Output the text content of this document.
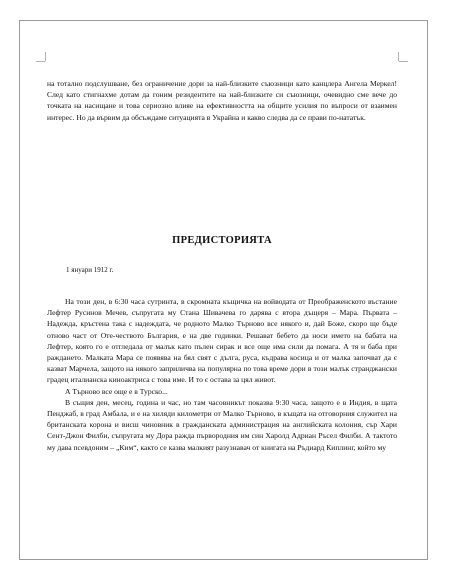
на тотално подслушване, без ограничение дори за най-близките съюзници като канцлера Ангела Меркел! След като стигнахме дотам да гоним резидентите на най-близките си съюзници, очевидно сме вече до точката на насищане и това сериозно влияе на ефективността на общите усилия по въпроси от взаимен интерес. Но да вървим да обсъждаме ситуацията в Украйна и какво следва да се прави по-нататък.

ПРЕДИСТОРИЯТА
1 януари 1912 г.

На този ден, в 6:30 часа сутринта, в скромната къщичка на войводата от Преображенското въстание Лефтер Русинов Мечев, съпругата му Стана Шивачева го дарява с втора дъщеря – Мара. Първата – Надежда, кръстена така с надеждата, че родното Малко Търново все някого и, дай Боже, скоро ще бъде отново част от Оте-чеството България, е на две годинки. Решават бебето да носи името на бабата на Лефтер, която го е отгледала от малък като пълен сирак и все още има сили да помага. А тя и баба при раждането. Малката Мара се появява на бял свят с дълга, руса, къдрава косица и от малка започват да є казват Марчела, защото на някого заприличва на популярна по това време дори в този малък странджански градец италианска киноактриса с това име. И то є остава за цял живот.

А Търново все още е в Турско...

В същия ден, месец, година и час, но там часовникът показва 9:30 часа, защото е в Индия, в щата Пенджаб, в град Амбала, и е на хиляди километри от Малко Търново, в къщата на отговорния служител на британската корона и висш чиновник в гражданската администрация на английската колония, сър Хари Сент-Джон Филби, съпругата му Дора ражда първородния им син Харолд Адриан Ръсел Филби. А тактото му дава псевдоним – „Ким“, както се казва малкият разузнавач от книгата на Ръдиард Киплинг, който му
